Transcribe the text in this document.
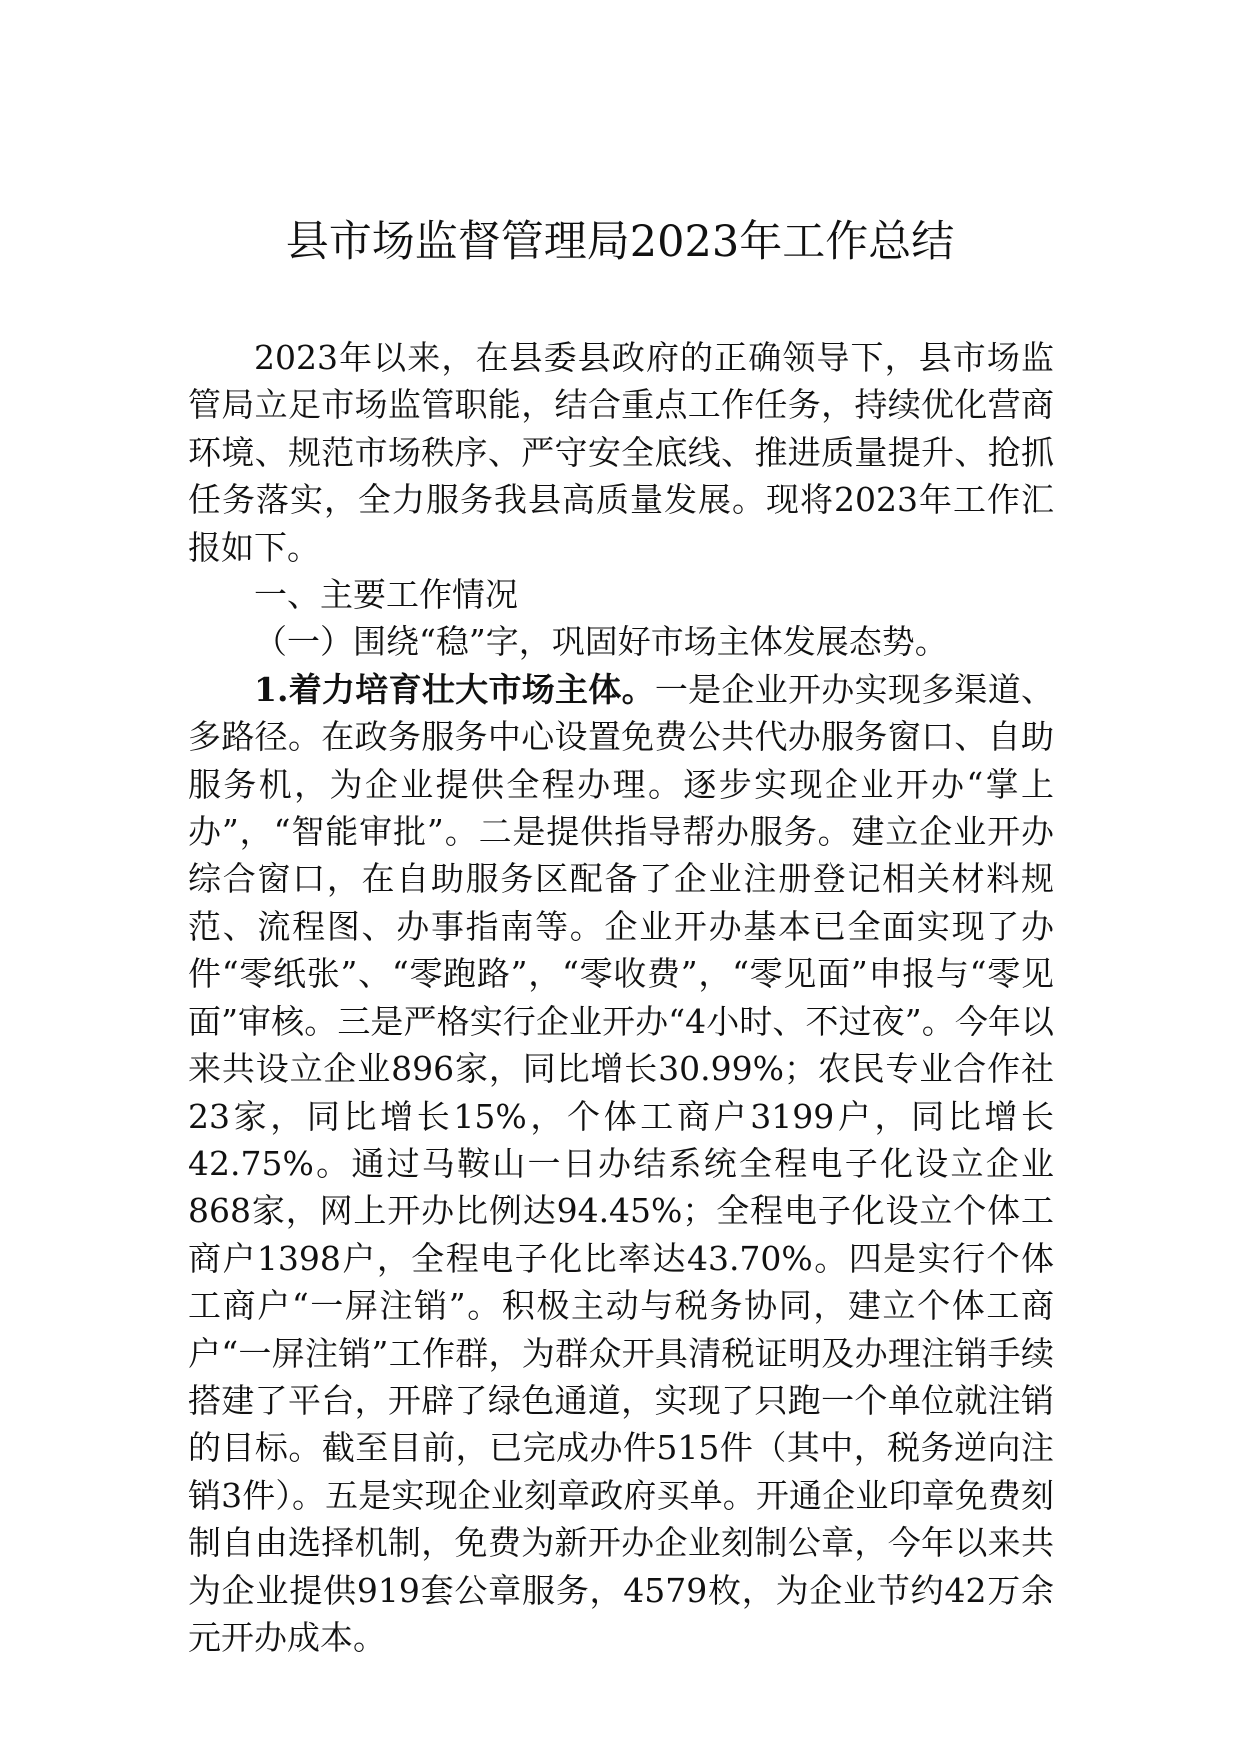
县市场监督管理局2023年工作总结

2023年以来，在县委县政府的正确领导下，县市场监管局立足市场监管职能，结合重点工作任务，持续优化营商环境、规范市场秩序、严守安全底线、推进质量提升、抢抓任务落实，全力服务我县高质量发展。现将2023年工作汇报如下。

一、主要工作情况

（一）围绕“稳”字，巩固好市场主体发展态势。

1.着力培育壮大市场主体。一是企业开办实现多渠道、多路径。在政务服务中心设置免费公共代办服务窗口、自助服务机，为企业提供全程办理。逐步实现企业开办“掌上办”，“智能审批”。二是提供指导帮办服务。建立企业开办综合窗口，在自助服务区配备了企业注册登记相关材料规范、流程图、办事指南等。企业开办基本已全面实现了办件“零纸张”、“零跑路”，“零收费”，“零见面”申报与“零见面”审核。三是严格实行企业开办“4小时、不过夜”。今年以来共设立企业896家，同比增长30.99%；农民专业合作社23家，同比增长15%，个体工商户3199户，同比增长42.75%。通过马鞍山一日办结系统全程电子化设立企业868家，网上开办比例达94.45%；全程电子化设立个体工商户1398户，全程电子化比率达43.70%。四是实行个体工商户“一屏注销”。积极主动与税务协同，建立个体工商户“一屏注销”工作群，为群众开具清税证明及办理注销手续搭建了平台，开辟了绿色通道，实现了只跑一个单位就注销的目标。截至目前，已完成办件515件（其中，税务逆向注销3件）。五是实现企业刻章政府买单。开通企业印章免费刻制自由选择机制，免费为新开办企业刻制公章，今年以来共为企业提供919套公章服务，4579枚，为企业节约42万余元开办成本。
